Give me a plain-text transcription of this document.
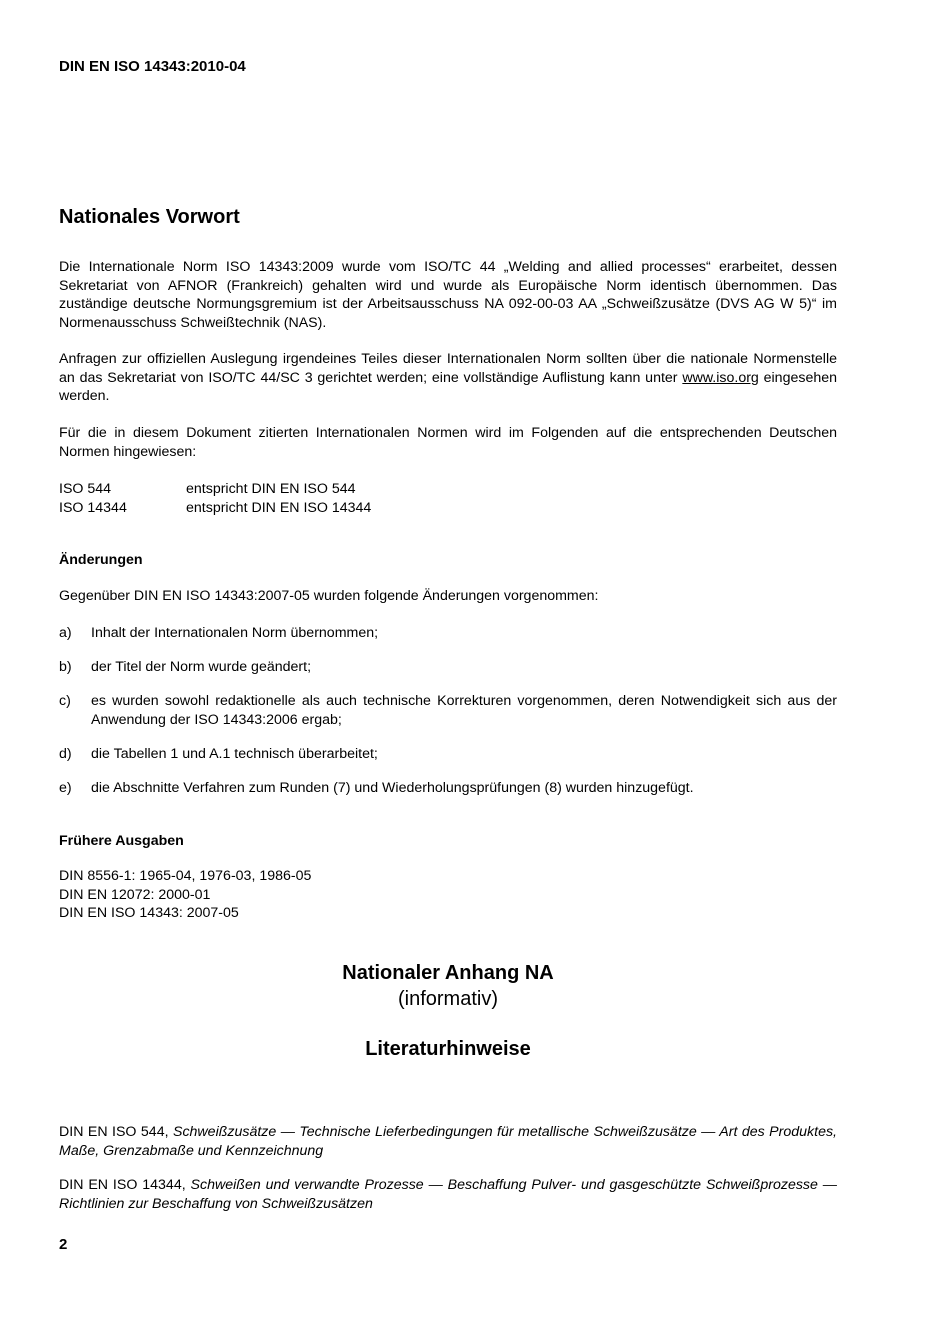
DIN EN ISO 14343:2010-04
Nationales Vorwort

Die Internationale Norm ISO 14343:2009 wurde vom ISO/TC 44 „Welding and allied processes“ erarbeitet, dessen Sekretariat von AFNOR (Frankreich) gehalten wird und wurde als Europäische Norm identisch übernommen. Das zuständige deutsche Normungsgremium ist der Arbeitsausschuss NA 092-00-03 AA „Schweißzusätze (DVS AG W 5)“ im Normenausschuss Schweißtechnik (NAS).

Anfragen zur offiziellen Auslegung irgendeines Teiles dieser Internationalen Norm sollten über die nationale Normenstelle an das Sekretariat von ISO/TC 44/SC 3 gerichtet werden; eine vollständige Auflistung kann unter www.iso.org eingesehen werden.

Für die in diesem Dokument zitierten Internationalen Normen wird im Folgenden auf die entsprechenden Deutschen Normen hingewiesen:

ISO 544	entspricht DIN EN ISO 544
ISO 14344	entspricht DIN EN ISO 14344
Änderungen
Gegenüber DIN EN ISO 14343:2007-05 wurden folgende Änderungen vorgenommen:
a)	Inhalt der Internationalen Norm übernommen;
b)	der Titel der Norm wurde geändert;
c)	es wurden sowohl redaktionelle als auch technische Korrekturen vorgenommen, deren Notwendigkeit sich aus der Anwendung der ISO 14343:2006 ergab;
d)	die Tabellen 1 und A.1 technisch überarbeitet;
e)	die Abschnitte Verfahren zum Runden (7) und Wiederholungsprüfungen (8) wurden hinzugefügt.
Frühere Ausgaben
DIN 8556-1: 1965-04, 1976-03, 1986-05
DIN EN 12072: 2000-01
DIN EN ISO 14343: 2007-05
Nationaler Anhang NA
(informativ)
Literaturhinweise
DIN EN ISO 544, Schweißzusätze — Technische Lieferbedingungen für metallische Schweißzusätze — Art des Produktes, Maße, Grenzabmaße und Kennzeichnung
DIN EN ISO 14344, Schweißen und verwandte Prozesse — Beschaffung Pulver- und gasgeschützte Schweißprozesse — Richtlinien zur Beschaffung von Schweißzusätzen
2
